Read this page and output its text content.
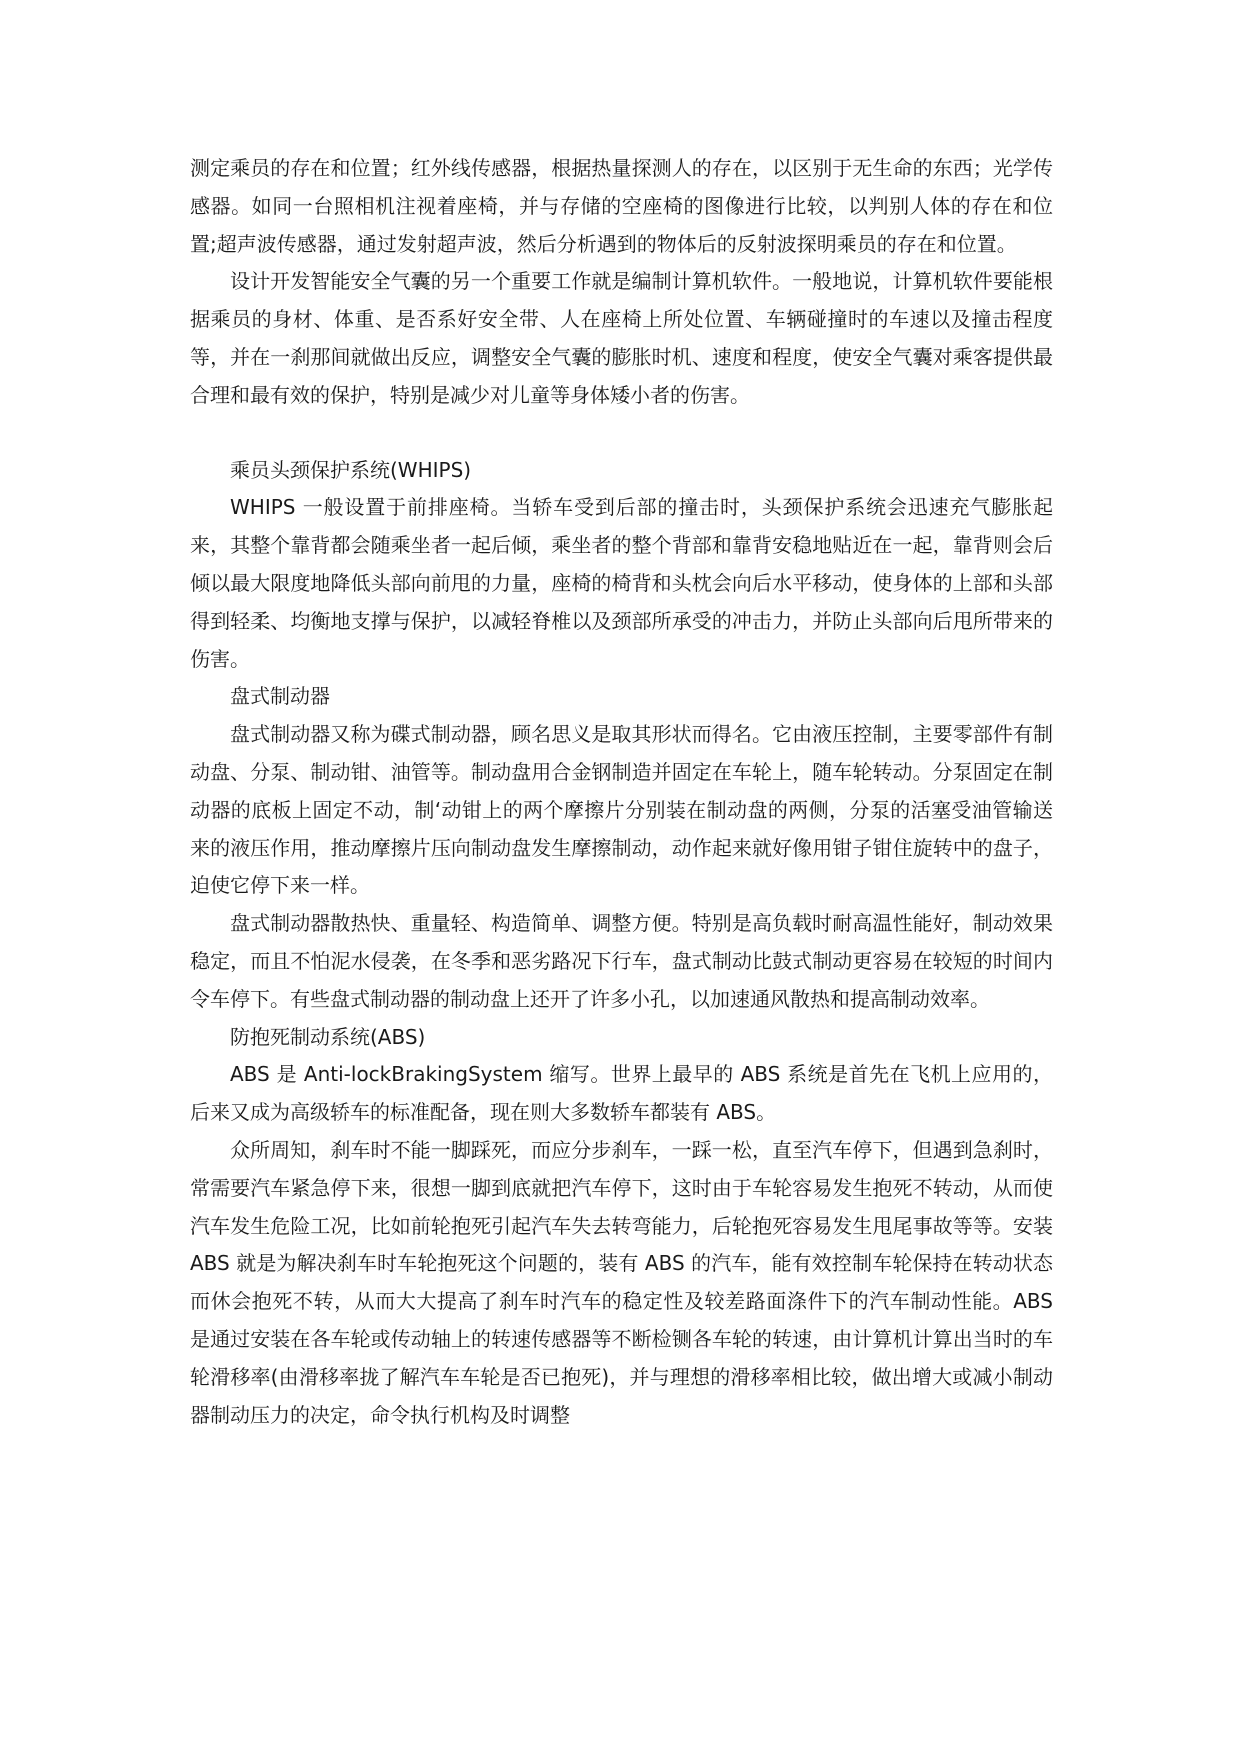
测定乘员的存在和位置；红外线传感器，根据热量探测人的存在，以区别于无生命的东西；光学传感器。如同一台照相机注视着座椅，并与存储的空座椅的图像进行比较，以判别人体的存在和位置;超声波传感器，通过发射超声波，然后分析遇到的物体后的反射波探明乘员的存在和位置。

设计开发智能安全气囊的另一个重要工作就是编制计算机软件。一般地说，计算机软件要能根据乘员的身材、体重、是否系好安全带、人在座椅上所处位置、车辆碰撞时的车速以及撞击程度等，并在一刹那间就做出反应，调整安全气囊的膨胀时机、速度和程度，使安全气囊对乘客提供最合理和最有效的保护，特别是减少对儿童等身体矮小者的伤害。

乘员头颈保护系统(WHIPS)

WHIPS 一般设置于前排座椅。当轿车受到后部的撞击时，头颈保护系统会迅速充气膨胀起来，其整个靠背都会随乘坐者一起后倾，乘坐者的整个背部和靠背安稳地贴近在一起，靠背则会后倾以最大限度地降低头部向前甩的力量，座椅的椅背和头枕会向后水平移动，使身体的上部和头部得到轻柔、均衡地支撑与保护，以减轻脊椎以及颈部所承受的冲击力，并防止头部向后甩所带来的伤害。

盘式制动器

盘式制动器又称为碟式制动器，顾名思义是取其形状而得名。它由液压控制，主要零部件有制动盘、分泵、制动钳、油管等。制动盘用合金钢制造并固定在车轮上，随车轮转动。分泵固定在制动器的底板上固定不动，制‘动钳上的两个摩擦片分别装在制动盘的两侧，分泵的活塞受油管输送来的液压作用，推动摩擦片压向制动盘发生摩擦制动，动作起来就好像用钳子钳住旋转中的盘子，迫使它停下来一样。

盘式制动器散热快、重量轻、构造简单、调整方便。特别是高负载时耐高温性能好，制动效果稳定，而且不怕泥水侵袭，在冬季和恶劣路况下行车，盘式制动比鼓式制动更容易在较短的时间内令车停下。有些盘式制动器的制动盘上还开了许多小孔，以加速通风散热和提高制动效率。

防抱死制动系统(ABS)

ABS 是 Anti-lockBrakingSystem 缩写。世界上最早的 ABS 系统是首先在飞机上应用的，后来又成为高级轿车的标准配备，现在则大多数轿车都装有 ABS。

众所周知，刹车时不能一脚踩死，而应分步刹车，一踩一松，直至汽车停下，但遇到急刹时，常需要汽车紧急停下来，很想一脚到底就把汽车停下，这时由于车轮容易发生抱死不转动，从而使汽车发生危险工况，比如前轮抱死引起汽车失去转弯能力，后轮抱死容易发生甩尾事故等等。安装 ABS 就是为解决刹车时车轮抱死这个问题的，装有 ABS 的汽车，能有效控制车轮保持在转动状态而休会抱死不转，从而大大提高了刹车时汽车的稳定性及较差路面涤件下的汽车制动性能。ABS 是通过安装在各车轮或传动轴上的转速传感器等不断检铡各车轮的转速，由计算机计算出当时的车轮滑移率(由滑移率拢了解汽车车轮是否已抱死)，并与理想的滑移率相比较，做出增大或减小制动器制动压力的决定，命令执行机构及时调整
